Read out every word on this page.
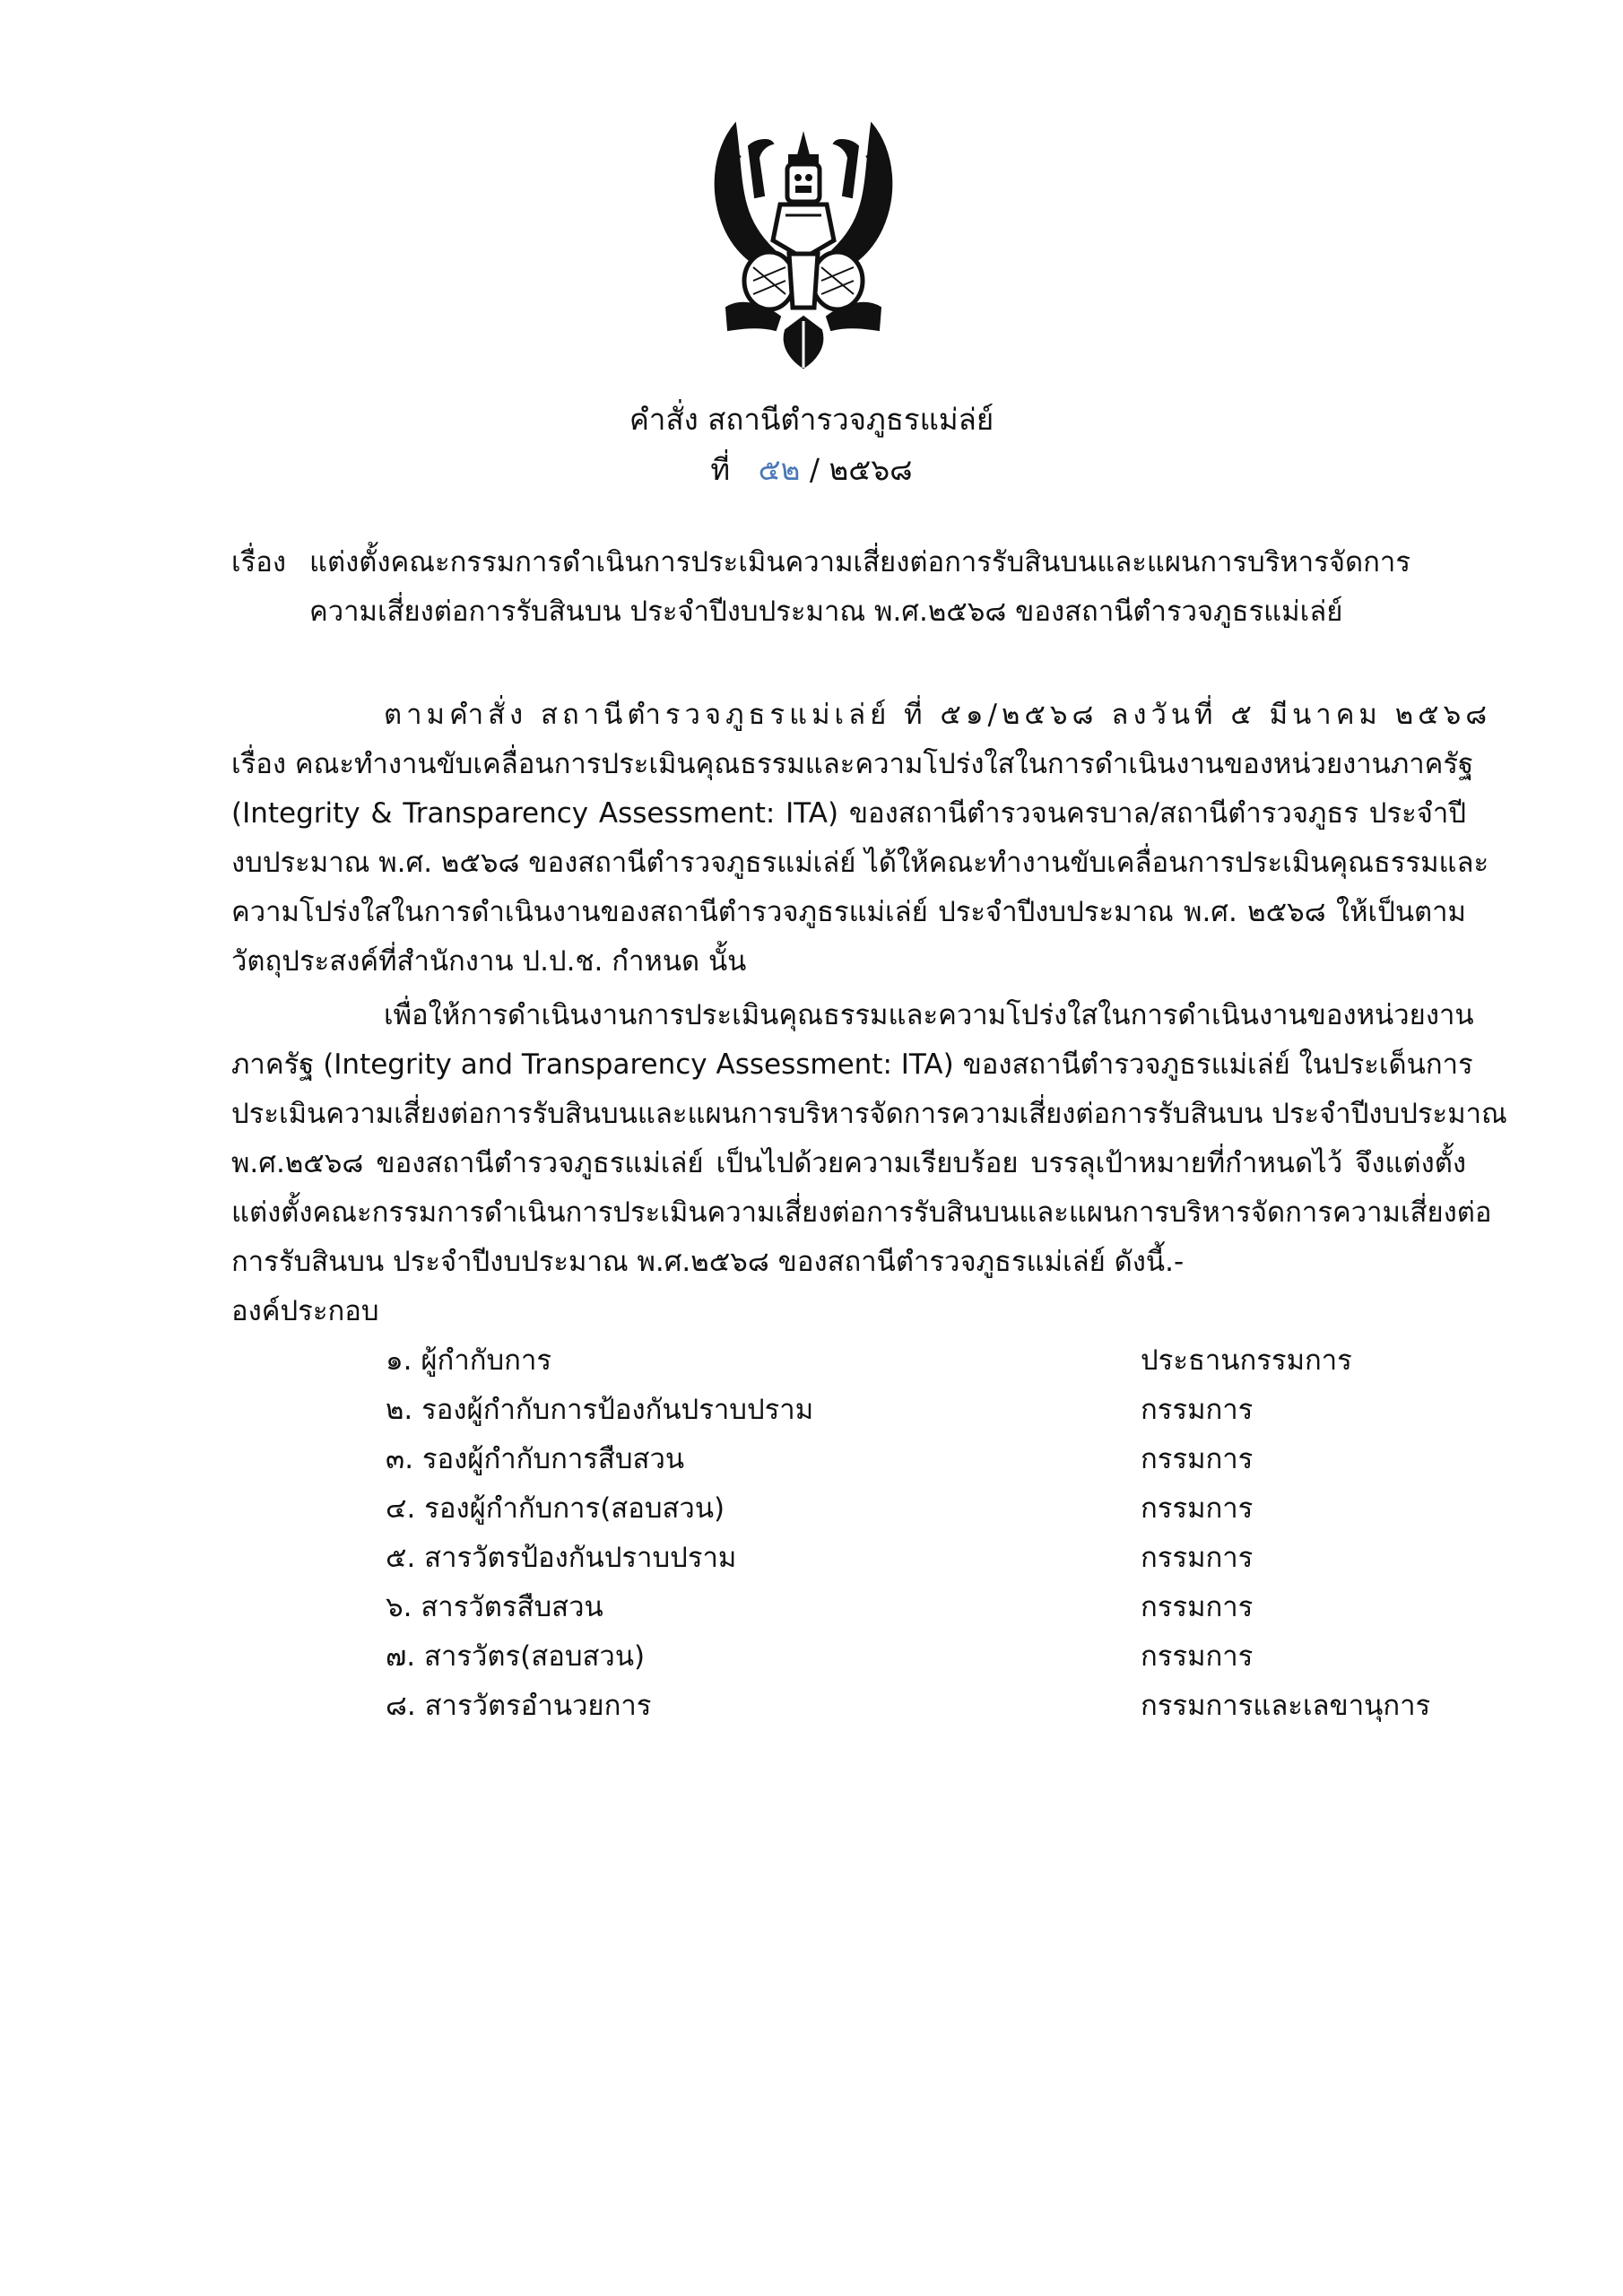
คำสั่ง สถานีตำรวจภูธรแม่ล่ย์
ที่ ๕๒ / ๒๕๖๘
เรื่อง แต่งตั้งคณะกรรมการดำเนินการประเมินความเสี่ยงต่อการรับสินบนและแผนการบริหารจัดการ
ความเสี่ยงต่อการรับสินบน ประจำปีงบประมาณ พ.ศ.๒๕๖๘ ของสถานีตำรวจภูธรแม่เล่ย์
ตามคำสั่ง สถานีตำรวจภูธรแม่เล่ย์ ที่ ๕๑/๒๕๖๘ ลงวันที่ ๕ มีนาคม ๒๕๖๘
เรื่อง คณะทำงานขับเคลื่อนการประเมินคุณธรรมและความโปร่งใสในการดำเนินงานของหน่วยงานภาครัฐ
(Integrity & Transparency Assessment: ITA) ของสถานีตำรวจนครบาล/สถานีตำรวจภูธร ประจำปี
งบประมาณ พ.ศ. ๒๕๖๘ ของสถานีตำรวจภูธรแม่เล่ย์ ได้ให้คณะทำงานขับเคลื่อนการประเมินคุณธรรมและ
ความโปร่งใสในการดำเนินงานของสถานีตำรวจภูธรแม่เล่ย์ ประจำปีงบประมาณ พ.ศ. ๒๕๖๘ ให้เป็นตาม
วัตถุประสงค์ที่สำนักงาน ป.ป.ช. กำหนด นั้น
เพื่อให้การดำเนินงานการประเมินคุณธรรมและความโปร่งใสในการดำเนินงานของหน่วยงาน
ภาครัฐ (Integrity and Transparency Assessment: ITA) ของสถานีตำรวจภูธรแม่เล่ย์ ในประเด็นการ
ประเมินความเสี่ยงต่อการรับสินบนและแผนการบริหารจัดการความเสี่ยงต่อการรับสินบน ประจำปีงบประมาณ
พ.ศ.๒๕๖๘ ของสถานีตำรวจภูธรแม่เล่ย์ เป็นไปด้วยความเรียบร้อย บรรลุเป้าหมายที่กำหนดไว้ จึงแต่งตั้ง
แต่งตั้งคณะกรรมการดำเนินการประเมินความเสี่ยงต่อการรับสินบนและแผนการบริหารจัดการความเสี่ยงต่อ
การรับสินบน ประจำปีงบประมาณ พ.ศ.๒๕๖๘ ของสถานีตำรวจภูธรแม่เล่ย์ ดังนี้.-
องค์ประกอบ
๑. ผู้กำกับการ	ประธานกรรมการ
๒. รองผู้กำกับการป้องกันปราบปราม	กรรมการ
๓. รองผู้กำกับการสืบสวน	กรรมการ
๔. รองผู้กำกับการ(สอบสวน)	กรรมการ
๕. สารวัตรป้องกันปราบปราม	กรรมการ
๖. สารวัตรสืบสวน	กรรมการ
๗. สารวัตร(สอบสวน)	กรรมการ
๘. สารวัตรอำนวยการ	กรรมการและเลขานุการ
